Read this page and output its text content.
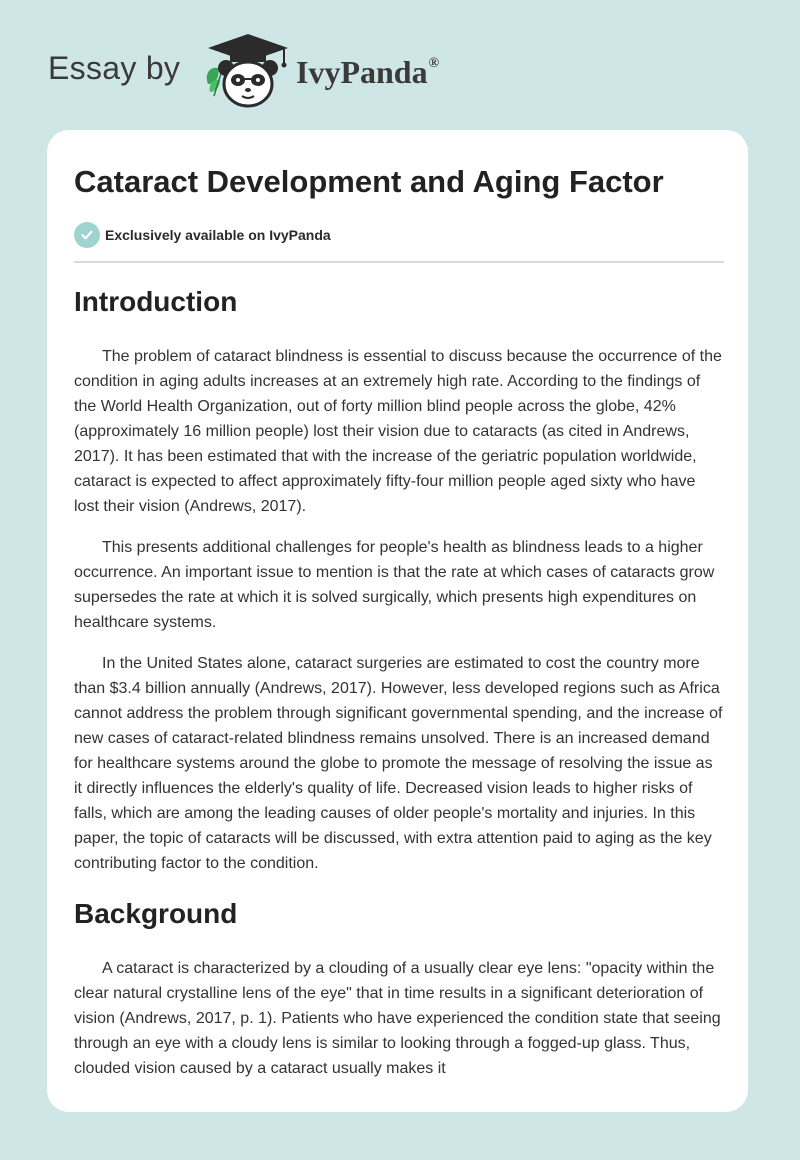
Essay by	IvyPanda®
Cataract Development and Aging Factor
Exclusively available on IvyPanda
Introduction

The problem of cataract blindness is essential to discuss because the occurrence of the condition in aging adults increases at an extremely high rate. According to the findings of the World Health Organization, out of forty million blind people across the globe, 42% (approximately 16 million people) lost their vision due to cataracts (as cited in Andrews, 2017). It has been estimated that with the increase of the geriatric population worldwide, cataract is expected to affect approximately fifty-four million people aged sixty who have lost their vision (Andrews, 2017).

This presents additional challenges for people's health as blindness leads to a higher occurrence. An important issue to mention is that the rate at which cases of cataracts grow supersedes the rate at which it is solved surgically, which presents high expenditures on healthcare systems.

In the United States alone, cataract surgeries are estimated to cost the country more than $3.4 billion annually (Andrews, 2017). However, less developed regions such as Africa cannot address the problem through significant governmental spending, and the increase of new cases of cataract-related blindness remains unsolved. There is an increased demand for healthcare systems around the globe to promote the message of resolving the issue as it directly influences the elderly's quality of life. Decreased vision leads to higher risks of falls, which are among the leading causes of older people's mortality and injuries. In this paper, the topic of cataracts will be discussed, with extra attention paid to aging as the key contributing factor to the condition.

Background

A cataract is characterized by a clouding of a usually clear eye lens: "opacity within the clear natural crystalline lens of the eye" that in time results in a significant deterioration of vision (Andrews, 2017, p. 1). Patients who have experienced the condition state that seeing through an eye with a cloudy lens is similar to looking through a fogged-up glass. Thus, clouded vision caused by a cataract usually makes it
